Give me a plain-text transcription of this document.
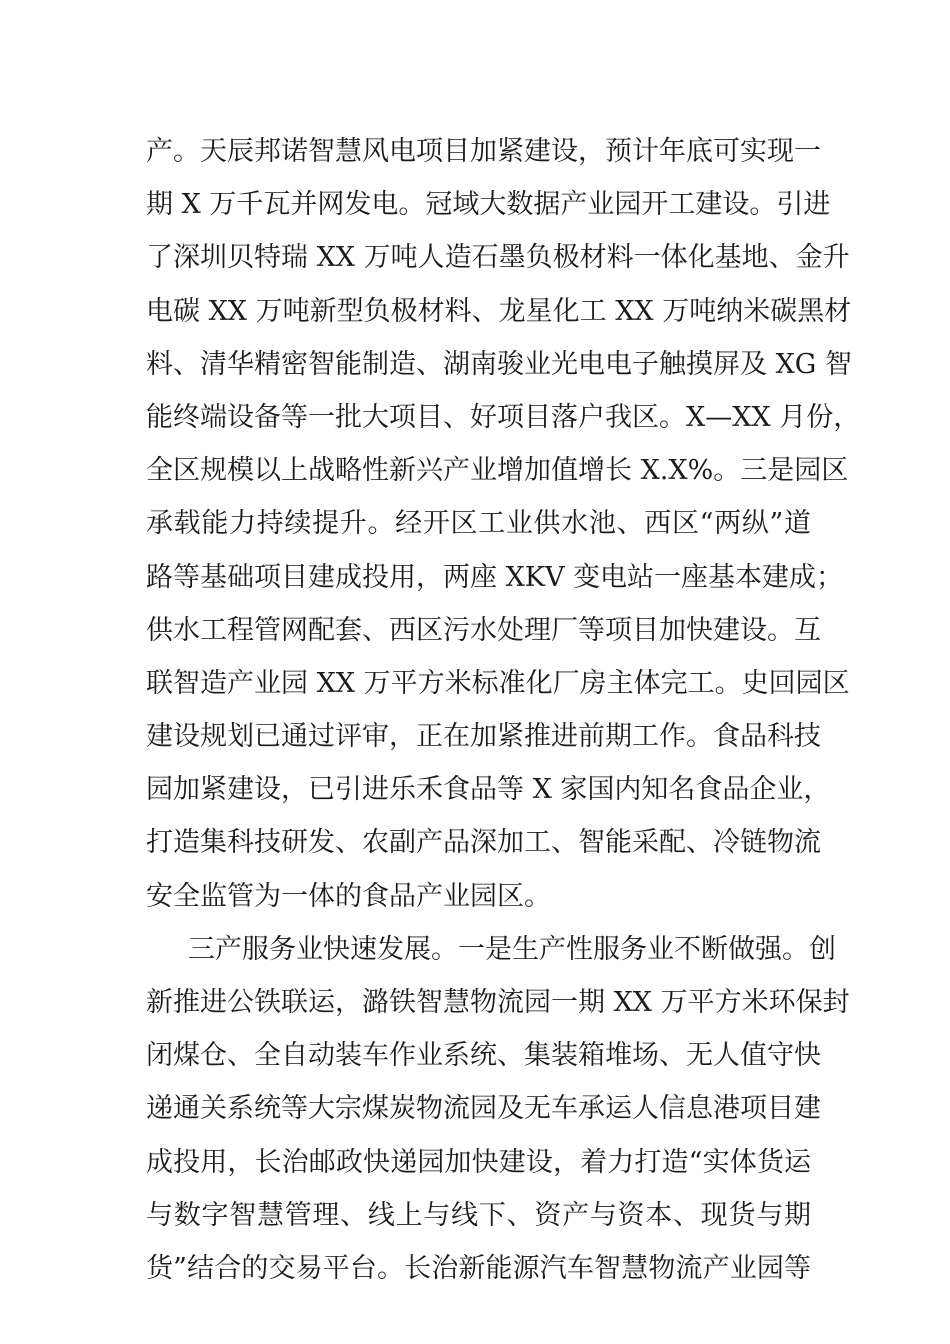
产。天辰邦诺智慧风电项目加紧建设，预计年底可实现一
期 X 万千瓦并网发电。冠域大数据产业园开工建设。引进
了深圳贝特瑞 XX 万吨人造石墨负极材料一体化基地、金升
电碳 XX 万吨新型负极材料、龙星化工 XX 万吨纳米碳黑材
料、清华精密智能制造、湖南骏业光电电子触摸屏及 XG 智
能终端设备等一批大项目、好项目落户我区。X—XX 月份，
全区规模以上战略性新兴产业增加值增长 X.X%。三是园区
承载能力持续提升。经开区工业供水池、西区“两纵”道
路等基础项目建成投用，两座 XKV 变电站一座基本建成；
供水工程管网配套、西区污水处理厂等项目加快建设。互
联智造产业园 XX 万平方米标准化厂房主体完工。史回园区
建设规划已通过评审，正在加紧推进前期工作。食品科技
园加紧建设，已引进乐禾食品等 X 家国内知名食品企业，
打造集科技研发、农副产品深加工、智能采配、冷链物流
安全监管为一体的食品产业园区。
三产服务业快速发展。一是生产性服务业不断做强。创
新推进公铁联运，潞铁智慧物流园一期 XX 万平方米环保封
闭煤仓、全自动装车作业系统、集装箱堆场、无人值守快
递通关系统等大宗煤炭物流园及无车承运人信息港项目建
成投用，长治邮政快递园加快建设，着力打造“实体货运
与数字智慧管理、线上与线下、资产与资本、现货与期
货”结合的交易平台。长治新能源汽车智慧物流产业园等
